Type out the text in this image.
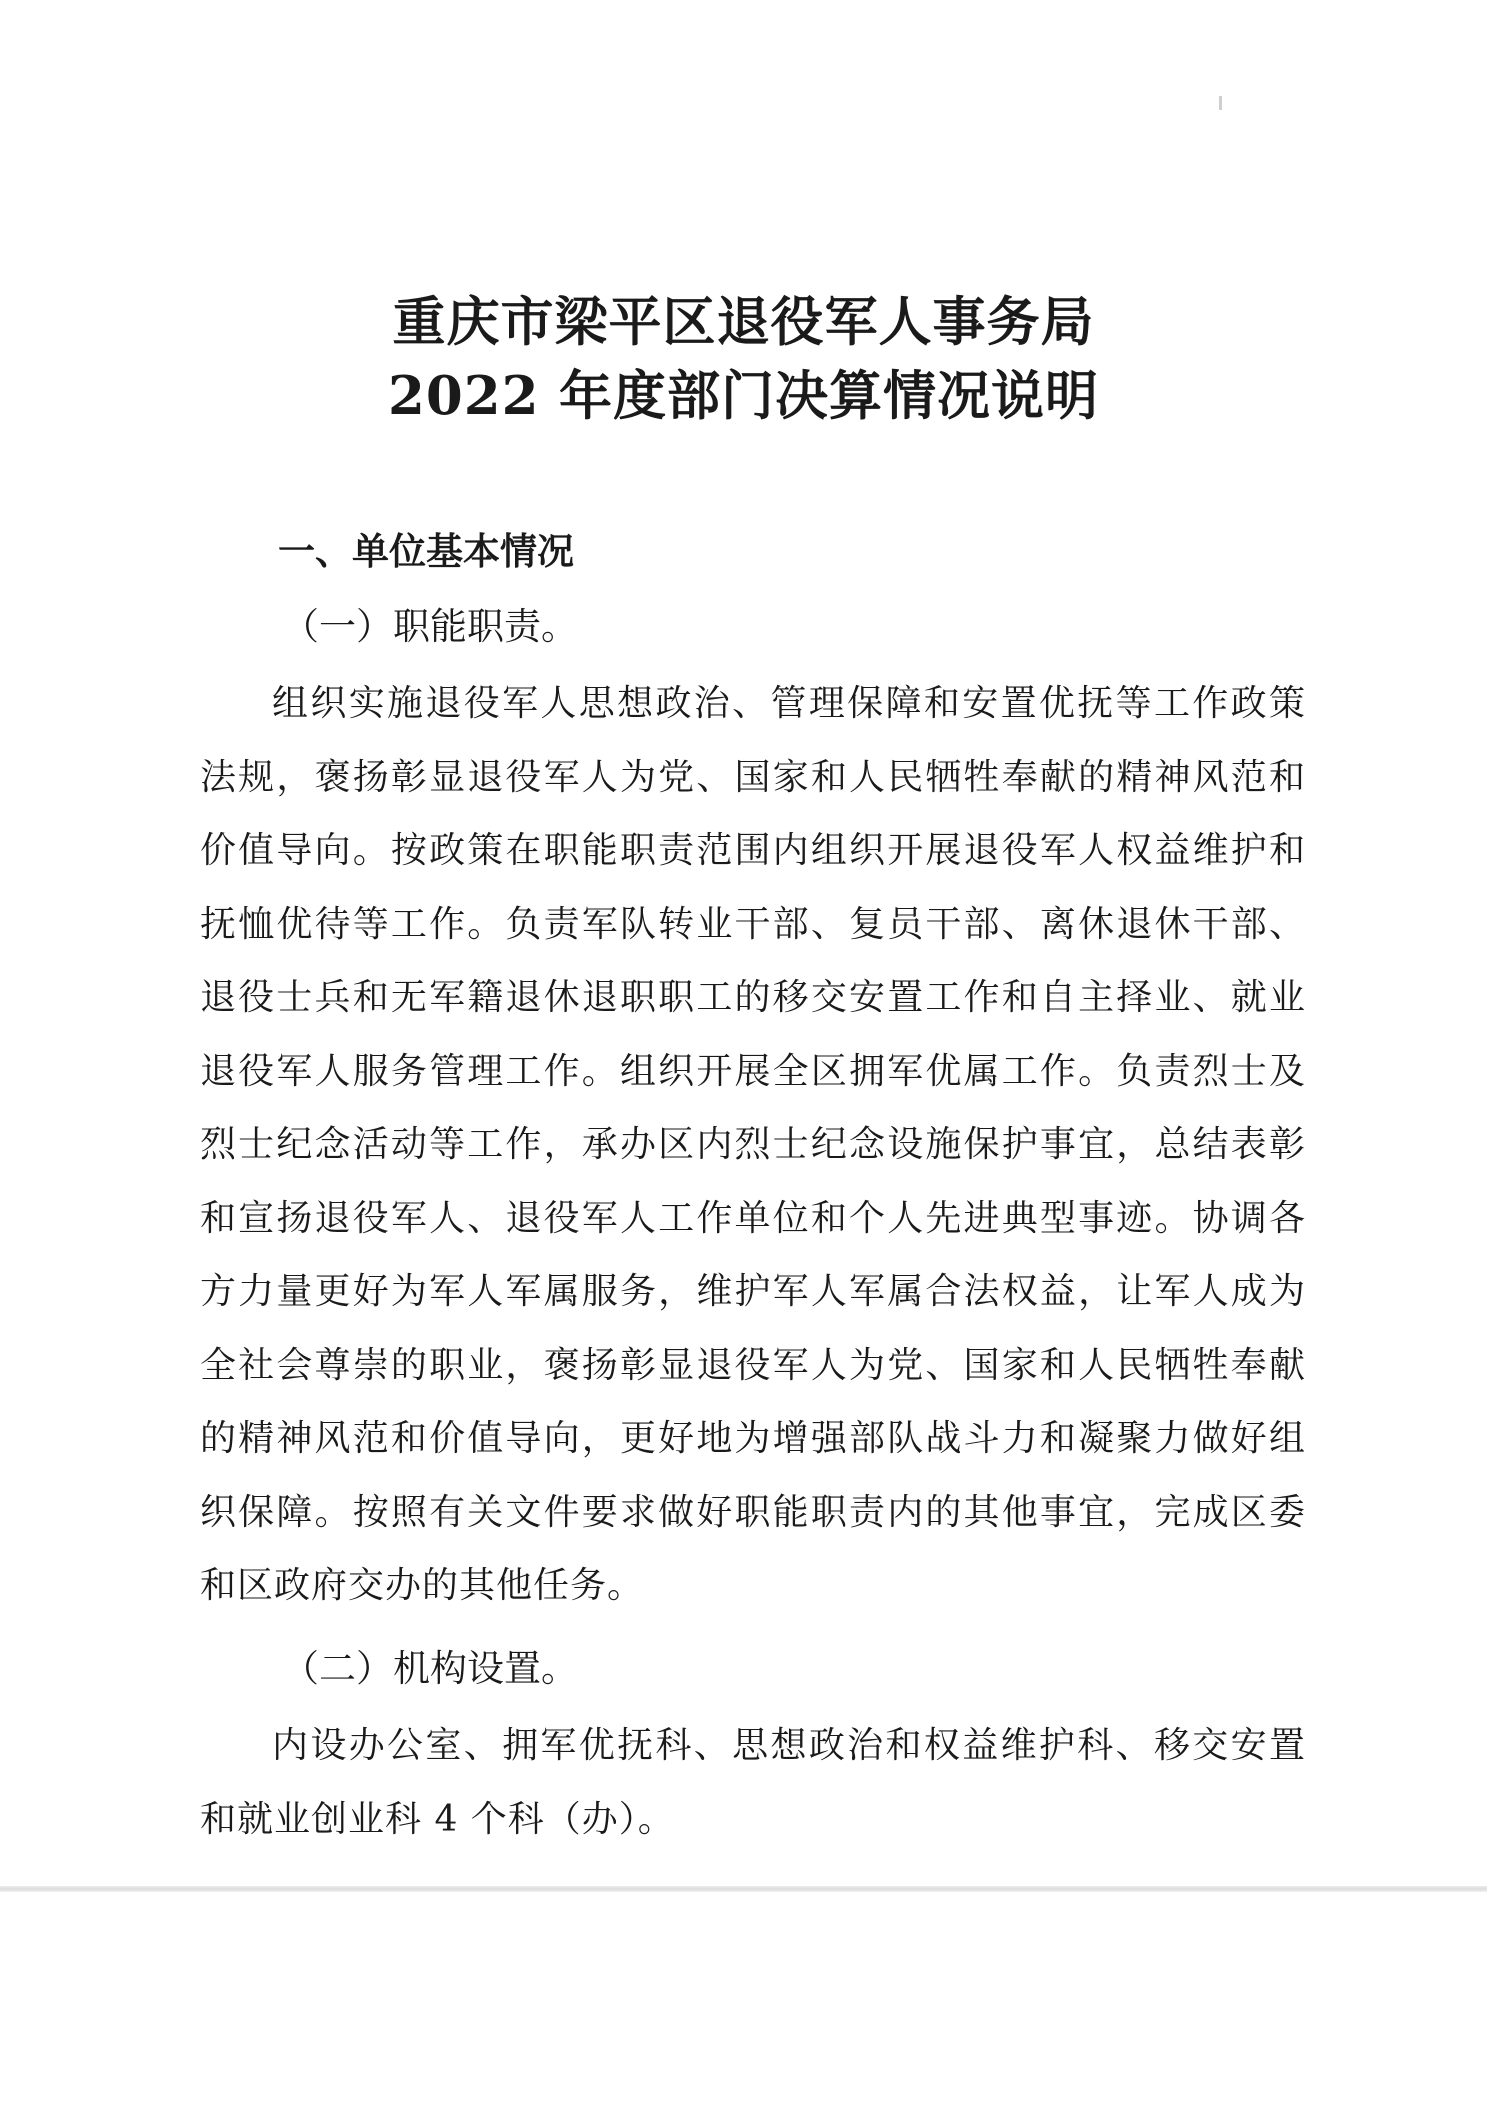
重庆市梁平区退役军人事务局
2022 年度部门决算情况说明
一、单位基本情况
（一）职能职责。

组织实施退役军人思想政治、管理保障和安置优抚等工作政策法规，褒扬彰显退役军人为党、国家和人民牺牲奉献的精神风范和价值导向。按政策在职能职责范围内组织开展退役军人权益维护和抚恤优待等工作。负责军队转业干部、复员干部、离休退休干部、退役士兵和无军籍退休退职职工的移交安置工作和自主择业、就业退役军人服务管理工作。组织开展全区拥军优属工作。负责烈士及烈士纪念活动等工作，承办区内烈士纪念设施保护事宜，总结表彰和宣扬退役军人、退役军人工作单位和个人先进典型事迹。协调各方力量更好为军人军属服务，维护军人军属合法权益，让军人成为全社会尊崇的职业，褒扬彰显退役军人为党、国家和人民牺牲奉献的精神风范和价值导向，更好地为增强部队战斗力和凝聚力做好组织保障。按照有关文件要求做好职能职责内的其他事宜，完成区委和区政府交办的其他任务。

（二）机构设置。

内设办公室、拥军优抚科、思想政治和权益维护科、移交安置和就业创业科 4 个科（办）。
